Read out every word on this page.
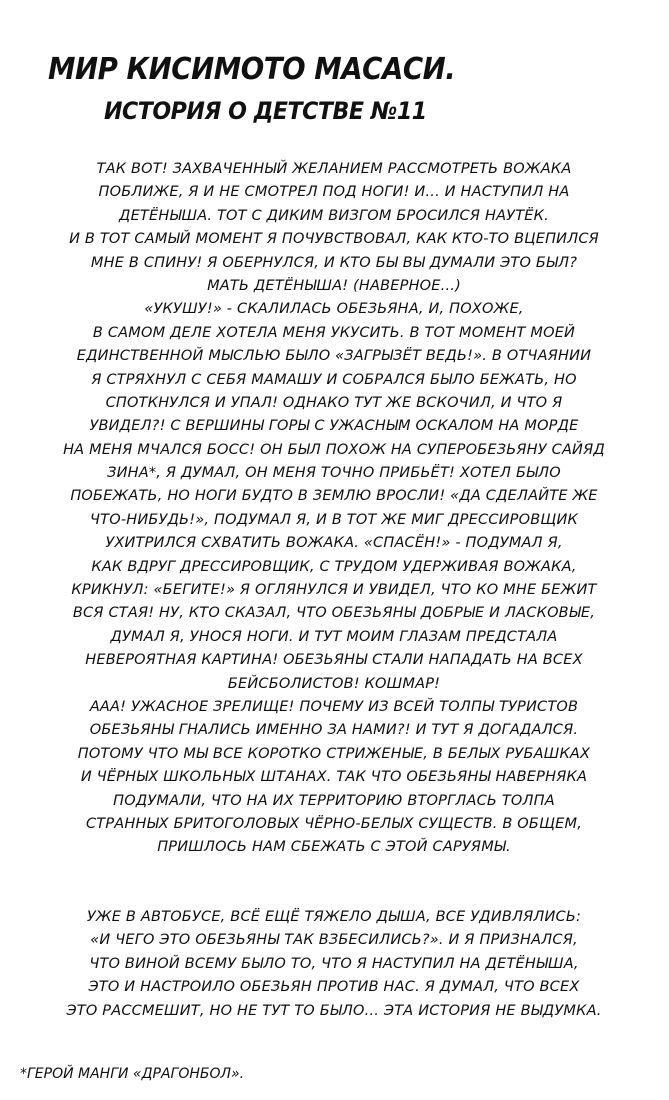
МИР КИСИМОТО МАСАСИ.
ИСТОРИЯ О ДЕТСТВЕ №11
ТАК ВОТ! ЗАХВАЧЕННЫЙ ЖЕЛАНИЕМ РАССМОТРЕТЬ ВОЖАКА
ПОБЛИЖЕ, Я И НЕ СМОТРЕЛ ПОД НОГИ! И... И НАСТУПИЛ НА
ДЕТЁНЫША. ТОТ С ДИКИМ ВИЗГОМ БРОСИЛСЯ НАУТЁК.
И В ТОТ САМЫЙ МОМЕНТ Я ПОЧУВСТВОВАЛ, КАК КТО-ТО ВЦЕПИЛСЯ
МНЕ В СПИНУ! Я ОБЕРНУЛСЯ, И КТО БЫ ВЫ ДУМАЛИ ЭТО БЫЛ?
МАТЬ ДЕТЁНЫША! (НАВЕРНОЕ...)
«УКУШУ!» - СКАЛИЛАСЬ ОБЕЗЬЯНА, И, ПОХОЖЕ,
В САМОМ ДЕЛЕ ХОТЕЛА МЕНЯ УКУСИТЬ. В ТОТ МОМЕНТ МОЕЙ
ЕДИНСТВЕННОЙ МЫСЛЬЮ БЫЛО «ЗАГРЫЗЁТ ВЕДЬ!». В ОТЧАЯНИИ
Я СТРЯХНУЛ С СЕБЯ МАМАШУ И СОБРАЛСЯ БЫЛО БЕЖАТЬ, НО
СПОТКНУЛСЯ И УПАЛ! ОДНАКО ТУТ ЖЕ ВСКОЧИЛ, И ЧТО Я
УВИДЕЛ?! С ВЕРШИНЫ ГОРЫ С УЖАСНЫМ ОСКАЛОМ НА МОРДЕ
НА МЕНЯ МЧАЛСЯ БОСС! ОН БЫЛ ПОХОЖ НА СУПЕРОБЕЗЬЯНУ САЙЯД
ЗИНА*, Я ДУМАЛ, ОН МЕНЯ ТОЧНО ПРИБЬЁТ! ХОТЕЛ БЫЛО
ПОБЕЖАТЬ, НО НОГИ БУДТО В ЗЕМЛЮ ВРОСЛИ! «ДА СДЕЛАЙТЕ ЖЕ
ЧТО-НИБУДЬ!», ПОДУМАЛ Я, И В ТОТ ЖЕ МИГ ДРЕССИРОВЩИК
УХИТРИЛСЯ СХВАТИТЬ ВОЖАКА. «СПАСЁН!» - ПОДУМАЛ Я,
КАК ВДРУГ ДРЕССИРОВЩИК, С ТРУДОМ УДЕРЖИВАЯ ВОЖАКА,
КРИКНУЛ: «БЕГИТЕ!» Я ОГЛЯНУЛСЯ И УВИДЕЛ, ЧТО КО МНЕ БЕЖИТ
ВСЯ СТАЯ! НУ, КТО СКАЗАЛ, ЧТО ОБЕЗЬЯНЫ ДОБРЫЕ И ЛАСКОВЫЕ,
ДУМАЛ Я, УНОСЯ НОГИ. И ТУТ МОИМ ГЛАЗАМ ПРЕДСТАЛА
НЕВЕРОЯТНАЯ КАРТИНА! ОБЕЗЬЯНЫ СТАЛИ НАПАДАТЬ НА ВСЕХ
БЕЙСБОЛИСТОВ! КОШМАР!
ААА! УЖАСНОЕ ЗРЕЛИЩЕ! ПОЧЕМУ ИЗ ВСЕЙ ТОЛПЫ ТУРИСТОВ
ОБЕЗЬЯНЫ ГНАЛИСЬ ИМЕННО ЗА НАМИ?! И ТУТ Я ДОГАДАЛСЯ.
ПОТОМУ ЧТО МЫ ВСЕ КОРОТКО СТРИЖЕНЫЕ, В БЕЛЫХ РУБАШКАХ
И ЧЁРНЫХ ШКОЛЬНЫХ ШТАНАХ. ТАК ЧТО ОБЕЗЬЯНЫ НАВЕРНЯКА
ПОДУМАЛИ, ЧТО НА ИХ ТЕРРИТОРИЮ ВТОРГЛАСЬ ТОЛПА
СТРАННЫХ БРИТОГОЛОВЫХ ЧЁРНО-БЕЛЫХ СУЩЕСТВ. В ОБЩЕМ,
ПРИШЛОСЬ НАМ СБЕЖАТЬ С ЭТОЙ САРУЯМЫ.
УЖЕ В АВТОБУСЕ, ВСЁ ЕЩЁ ТЯЖЕЛО ДЫША, ВСЕ УДИВЛЯЛИСЬ:
«И ЧЕГО ЭТО ОБЕЗЬЯНЫ ТАК ВЗБЕСИЛИСЬ?». И Я ПРИЗНАЛСЯ,
ЧТО ВИНОЙ ВСЕМУ БЫЛО ТО, ЧТО Я НАСТУПИЛ НА ДЕТЁНЫША,
ЭТО И НАСТРОИЛО ОБЕЗЬЯН ПРОТИВ НАС. Я ДУМАЛ, ЧТО ВСЕХ
ЭТО РАССМЕШИТ, НО НЕ ТУТ ТО БЫЛО... ЭТА ИСТОРИЯ НЕ ВЫДУМКА.

*ГЕРОЙ МАНГИ «ДРАГОНБОЛ».
